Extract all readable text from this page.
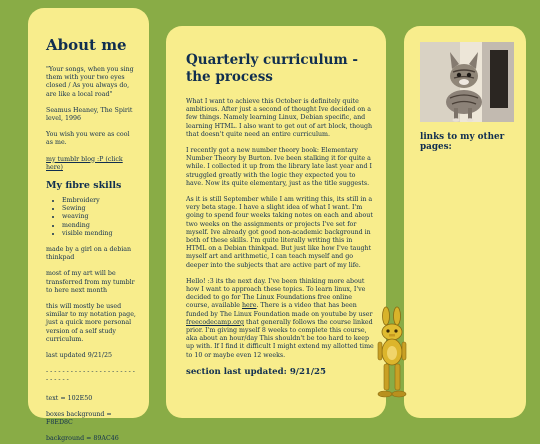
About me

"Your songs, when you sing them with your two eyes closed / As you always do, are like a local road"

Seamus Heaney, The Spirit level, 1996

You wish you were as cool as me.

my tumblr blog :P (click here)

My fibre skills
• Embroidery
• Sewing
• weaving
• mending
• visible mending

made by a girl on a debian thinkpad

most of my art will be transferred from my tumblr to here next month

this will mostly be used similar to my notation page, just a quick more personal version of a self study curriculum.

last updated 9/21/25

- - - - - - - - - - - - - - - - - - - - - - - - - - - -

text = 102E50

boxes background = F8ED8C

background = 89AC46

Quarterly curriculum - the process

What I want to achieve this October is definitely quite ambitious. After just a second of thought Ive decided on a few things. Namely learning Linux, Debian specific, and learning HTML. I also want to get out of art block, though that doesn't quite need an entire curriculum.

I recently got a new number theory book: Elementary Number Theory by Burton. Ive been stalking it for quite a while. I collected it up from the library late last year and I struggled greatly with the logic they expected you to have. Now its quite elementary, just as the title suggests.

As it is still September while I am writing this, its still in a very beta stage. I have a slight idea of what I want. I'm going to spend four weeks taking notes on each and about two weeks on the assignments or projects I've set for myself. Ive already got good non-academic background in both of these skills. I'm quite literally writing this in HTML on a Debian thinkpad. But just like how I've taught myself art and arithmetic, I can teach myself and go deeper into the subjects that are active part of my life.

Hello! :3 its the next day. I've been thinking more about how I want to approach these topics. To learn linux, I've decided to go for The Linux Foundations free online course, available here. There is a video that has been funded by The Linux Foundation made on youtube by user freecodecamp.org that generally follows the course linked prior. I'm giving myself 8 weeks to complete this course, aka about an hour/day This shouldn't be too hard to keep up with. If I find it difficult I might extend my allotted time to 10 or maybe even 12 weeks.

section last updated: 9/21/25

links to my other pages:
